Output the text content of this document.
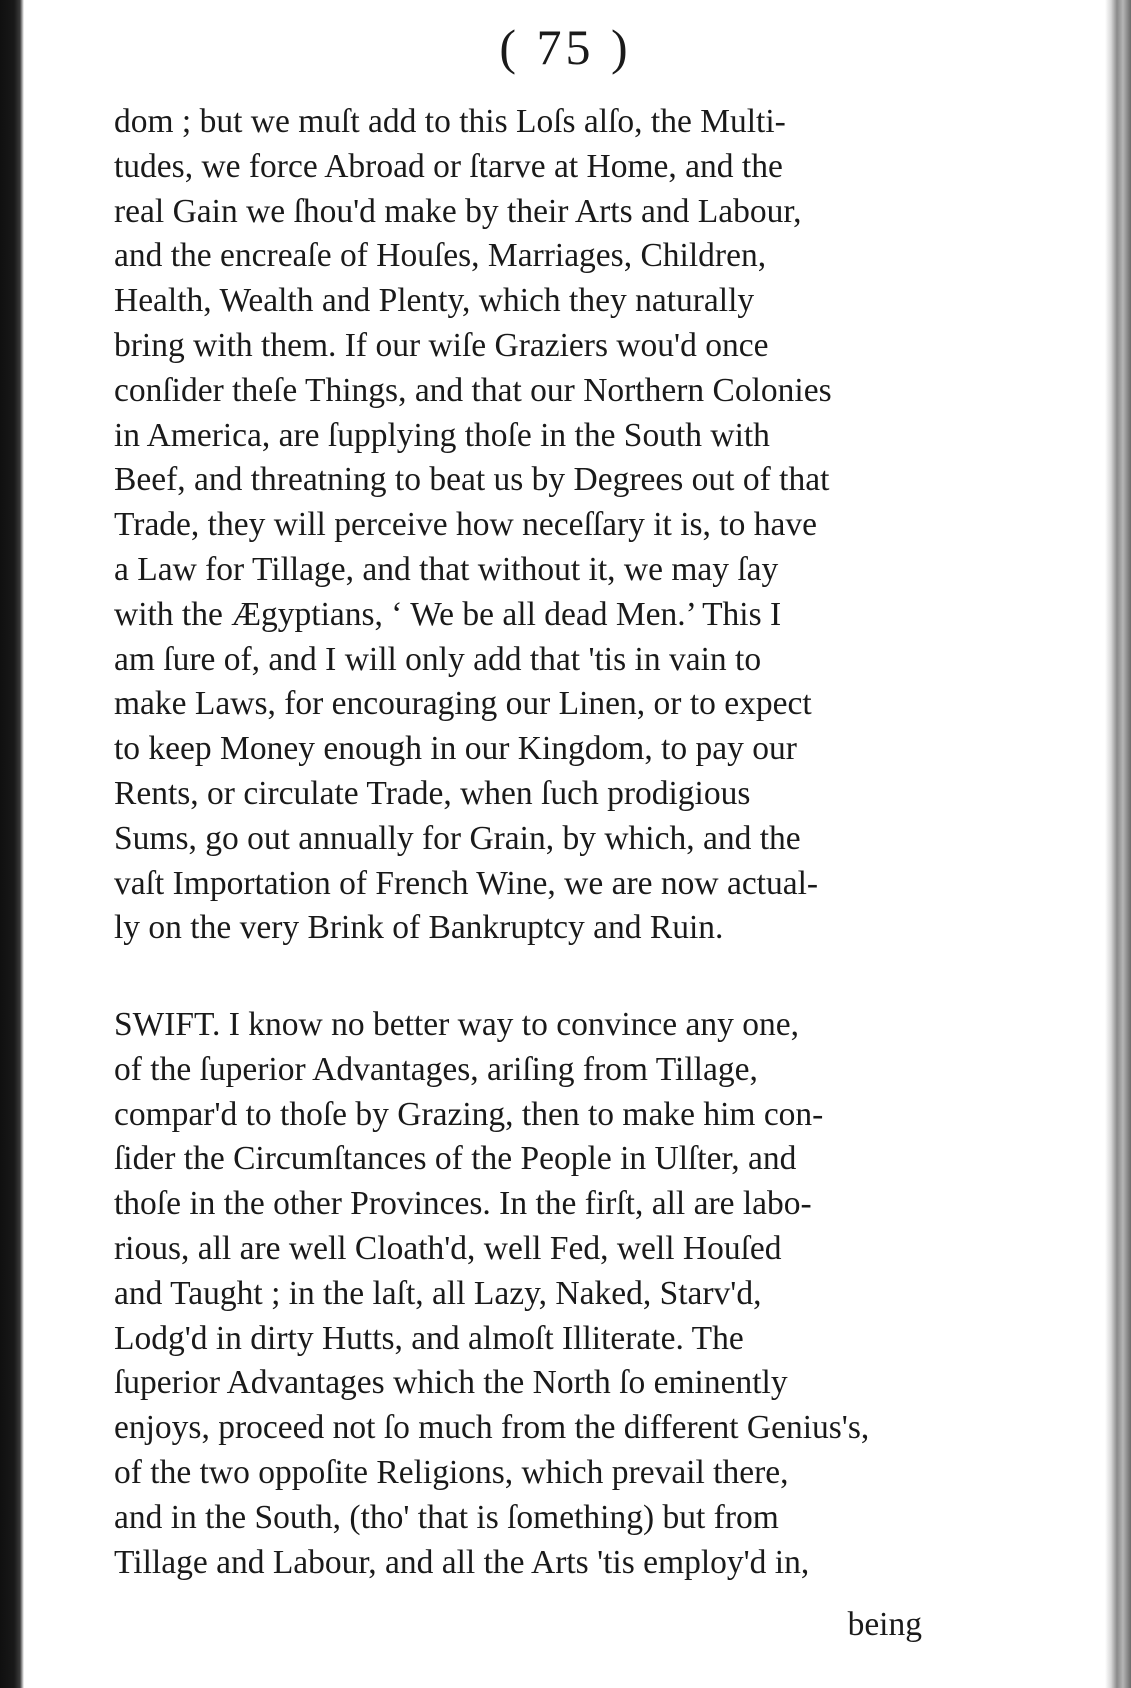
( 75 )
dom ; but we muſt add to this Loſs alſo, the Multi-
tudes, we force Abroad or ſtarve at Home, and the
real Gain we ſhou'd make by their Arts and Labour,
and the encreaſe of Houſes, Marriages, Children,
Health, Wealth and Plenty, which they naturally
bring with them. If our wiſe Graziers wou'd once
conſider theſe Things, and that our Northern Colonies
in America, are ſupplying thoſe in the South with
Beef, and threatning to beat us by Degrees out of that
Trade, they will perceive how neceſſary it is, to have
a Law for Tillage, and that without it, we may ſay
with the Ægyptians, ‘ We be all dead Men.’ This I
am ſure of, and I will only add that 'tis in vain to
make Laws, for encouraging our Linen, or to expect
to keep Money enough in our Kingdom, to pay our
Rents, or circulate Trade, when ſuch prodigious
Sums, go out annually for Grain, by which, and the
vaſt Importation of French Wine, we are now actual-
ly on the very Brink of Bankruptcy and Ruin.
SWIFT. I know no better way to convince any one,
of the ſuperior Advantages, ariſing from Tillage,
compar'd to thoſe by Grazing, then to make him con-
ſider the Circumſtances of the People in Ulſter, and
thoſe in the other Provinces. In the firſt, all are labo-
rious, all are well Cloath'd, well Fed, well Houſed
and Taught ; in the laſt, all Lazy, Naked, Starv'd,
Lodg'd in dirty Hutts, and almoſt Illiterate. The
ſuperior Advantages which the North ſo eminently
enjoys, proceed not ſo much from the different Genius's,
of the two oppoſite Religions, which prevail there,
and in the South, (tho' that is ſomething) but from
Tillage and Labour, and all the Arts 'tis employ'd in,
being
